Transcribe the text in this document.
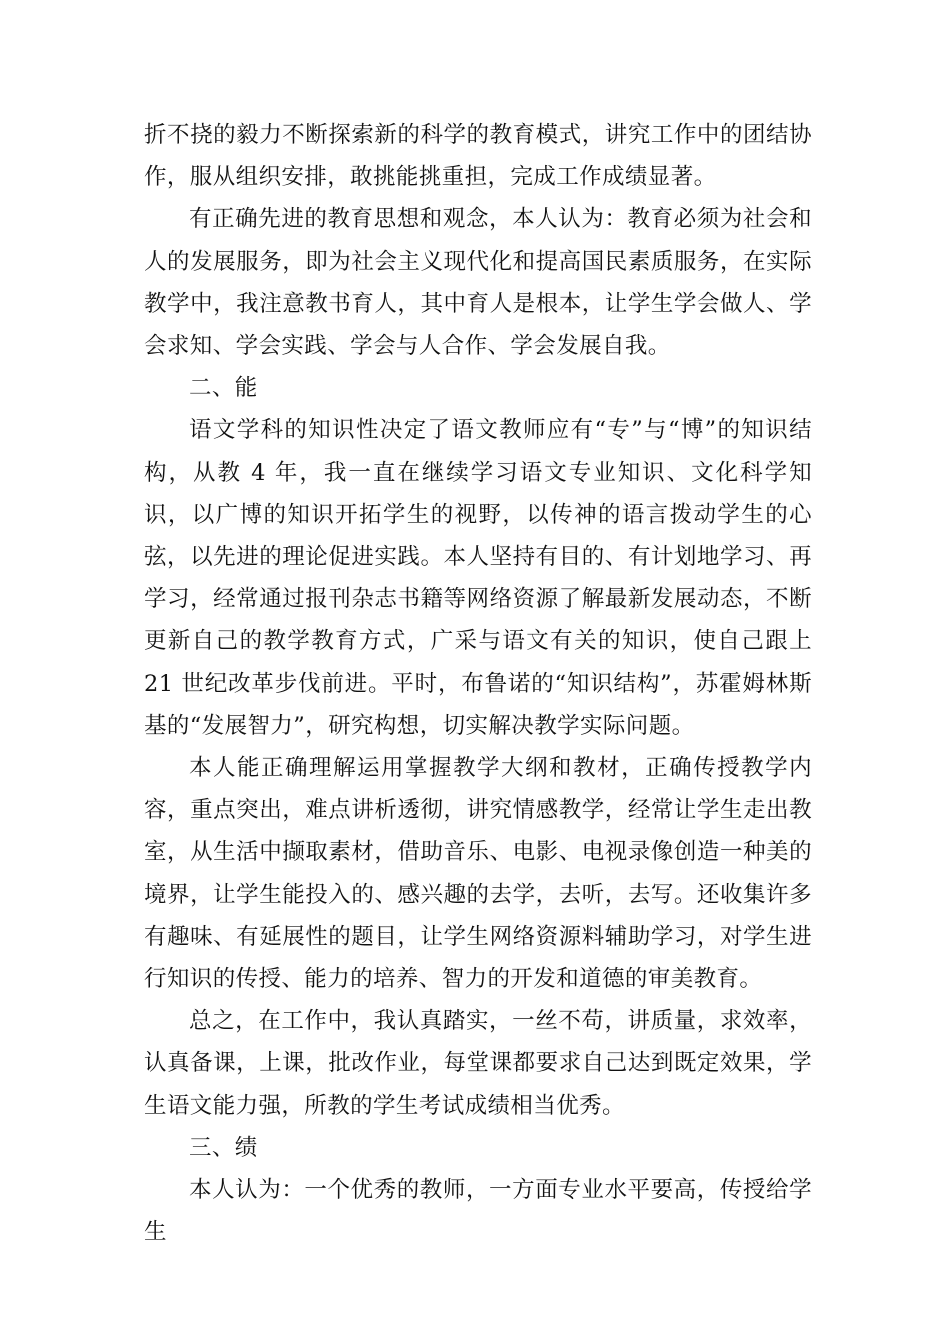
折不挠的毅力不断探索新的科学的教育模式，讲究工作中的团结协作，服从组织安排，敢挑能挑重担，完成工作成绩显著。

有正确先进的教育思想和观念，本人认为：教育必须为社会和人的发展服务，即为社会主义现代化和提高国民素质服务，在实际教学中，我注意教书育人，其中育人是根本，让学生学会做人、学会求知、学会实践、学会与人合作、学会发展自我。

二、能

语文学科的知识性决定了语文教师应有“专”与“博”的知识结构，从教 4 年，我一直在继续学习语文专业知识、文化科学知识，以广博的知识开拓学生的视野，以传神的语言拨动学生的心弦，以先进的理论促进实践。本人坚持有目的、有计划地学习、再学习，经常通过报刊杂志书籍等网络资源了解最新发展动态，不断更新自己的教学教育方式，广采与语文有关的知识，使自己跟上 21 世纪改革步伐前进。平时，布鲁诺的“知识结构”，苏霍姆林斯基的“发展智力”，研究构想，切实解决教学实际问题。

本人能正确理解运用掌握教学大纲和教材，正确传授教学内容，重点突出，难点讲析透彻，讲究情感教学，经常让学生走出教室，从生活中撷取素材，借助音乐、电影、电视录像创造一种美的境界，让学生能投入的、感兴趣的去学，去听，去写。还收集许多有趣味、有延展性的题目，让学生网络资源料辅助学习，对学生进行知识的传授、能力的培养、智力的开发和道德的审美教育。

总之，在工作中，我认真踏实，一丝不苟，讲质量，求效率，认真备课，上课，批改作业，每堂课都要求自己达到既定效果，学生语文能力强，所教的学生考试成绩相当优秀。

三、绩

本人认为：一个优秀的教师，一方面专业水平要高，传授给学生
